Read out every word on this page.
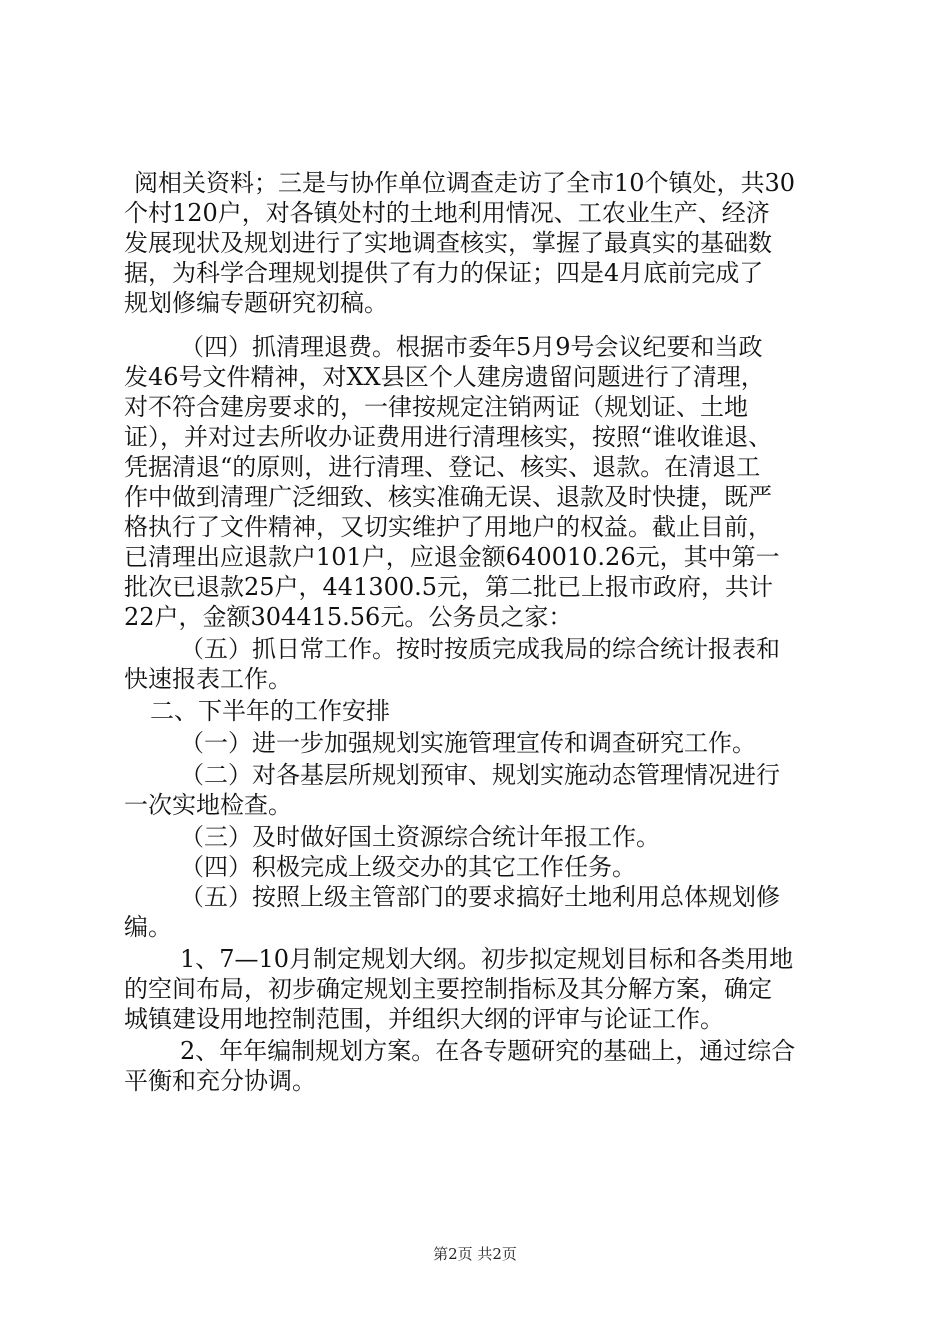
阅相关资料；三是与协作单位调查走访了全市10个镇处，共30
个村120户，对各镇处村的土地利用情况、工农业生产、经济
发展现状及规划进行了实地调查核实，掌握了最真实的基础数
据，为科学合理规划提供了有力的保证；四是4月底前完成了
规划修编专题研究初稿。
（四）抓清理退费。根据市委年5月9号会议纪要和当政
发46号文件精神，对XX县区个人建房遗留问题进行了清理，
对不符合建房要求的，一律按规定注销两证（规划证、土地
证），并对过去所收办证费用进行清理核实，按照“谁收谁退、
凭据清退“的原则，进行清理、登记、核实、退款。在清退工
作中做到清理广泛细致、核实准确无误、退款及时快捷，既严
格执行了文件精神，又切实维护了用地户的权益。截止目前，
已清理出应退款户101户，应退金额640010.26元，其中第一
批次已退款25户，441300.5元，第二批已上报市政府，共计
22户，金额304415.56元。公务员之家：
（五）抓日常工作。按时按质完成我局的综合统计报表和
快速报表工作。
二、下半年的工作安排
（一）进一步加强规划实施管理宣传和调查研究工作。
（二）对各基层所规划预审、规划实施动态管理情况进行
一次实地检查。
（三）及时做好国土资源综合统计年报工作。
（四）积极完成上级交办的其它工作任务。
（五）按照上级主管部门的要求搞好土地利用总体规划修
编。
1、7—10月制定规划大纲。初步拟定规划目标和各类用地
的空间布局，初步确定规划主要控制指标及其分解方案，确定
城镇建设用地控制范围，并组织大纲的评审与论证工作。
2、年年编制规划方案。在各专题研究的基础上，通过综合
平衡和充分协调。
第2页 共2页
